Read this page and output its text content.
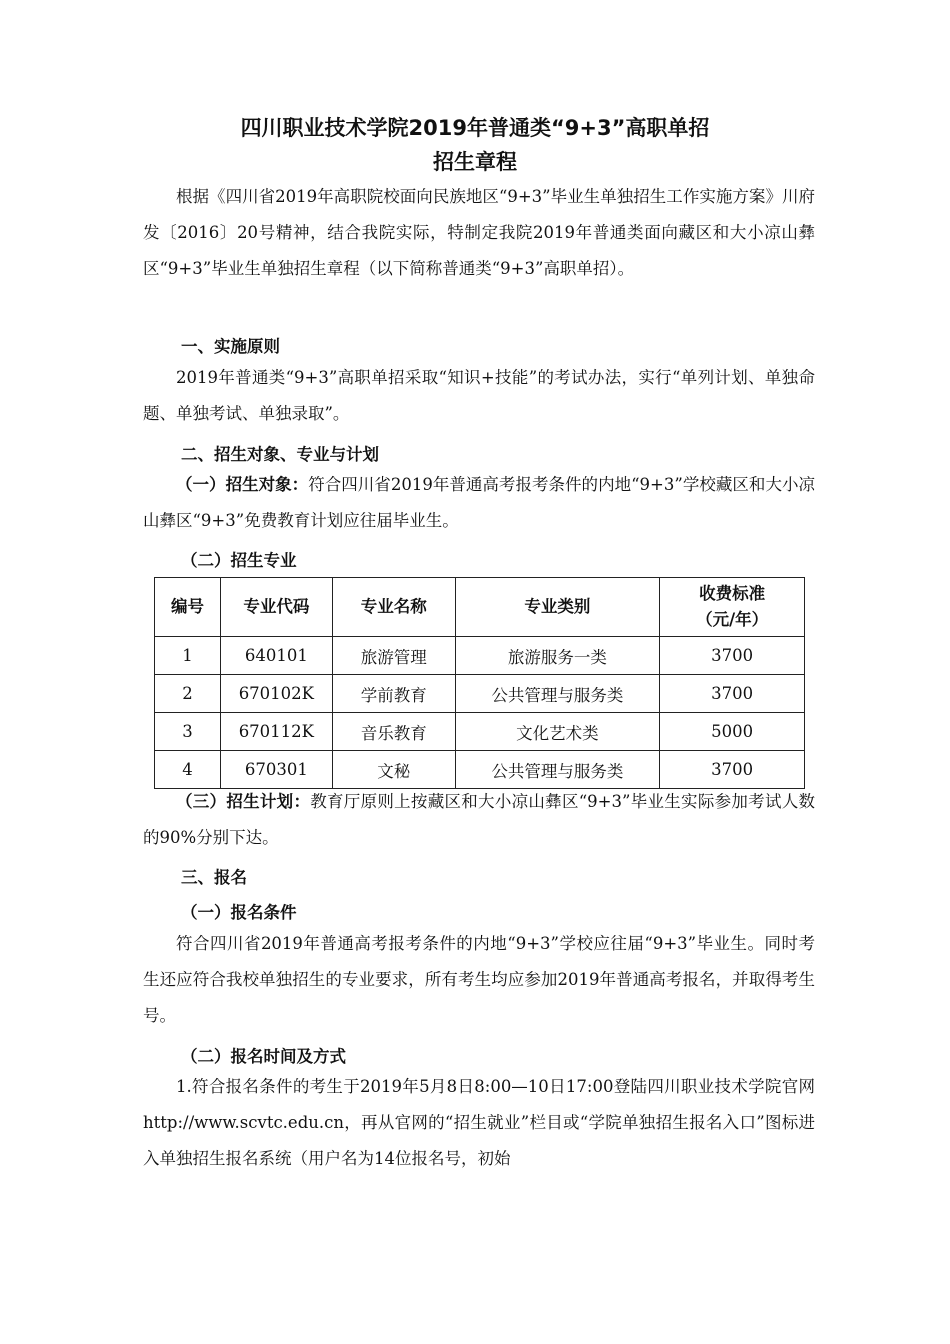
四川职业技术学院2019年普通类“9+3”高职单招
招生章程

根据《四川省2019年高职院校面向民族地区“9+3”毕业生单独招生工作实施方案》川府发〔2016〕20号精神，结合我院实际，特制定我院2019年普通类面向藏区和大小凉山彝区“9+3”毕业生单独招生章程（以下简称普通类“9+3”高职单招）。

一、实施原则

2019年普通类“9+3”高职单招采取“知识+技能”的考试办法，实行“单列计划、单独命题、单独考试、单独录取”。

二、招生对象、专业与计划

（一）招生对象：符合四川省2019年普通高考报考条件的内地“9+3”学校藏区和大小凉山彝区“9+3”免费教育计划应往届毕业生。

（二）招生专业

编号	专业代码	专业名称	专业类别	收费标准
（元/年）
1	640101	旅游管理	旅游服务一类	3700
2	670102K	学前教育	公共管理与服务类	3700
3	670112K	音乐教育	文化艺术类	5000
4	670301	文秘	公共管理与服务类	3700

（三）招生计划：教育厅原则上按藏区和大小凉山彝区“9+3”毕业生实际参加考试人数的90%分别下达。

三、报名

（一）报名条件

符合四川省2019年普通高考报考条件的内地“9+3”学校应往届“9+3”毕业生。同时考生还应符合我校单独招生的专业要求，所有考生均应参加2019年普通高考报名，并取得考生号。

（二）报名时间及方式

1.符合报名条件的考生于2019年5月8日8:00—10日17:00登陆四川职业技术学院官网http://www.scvtc.edu.cn，再从官网的“招生就业”栏目或“学院单独招生报名入口”图标进入单独招生报名系统（用户名为14位报名号，初始
